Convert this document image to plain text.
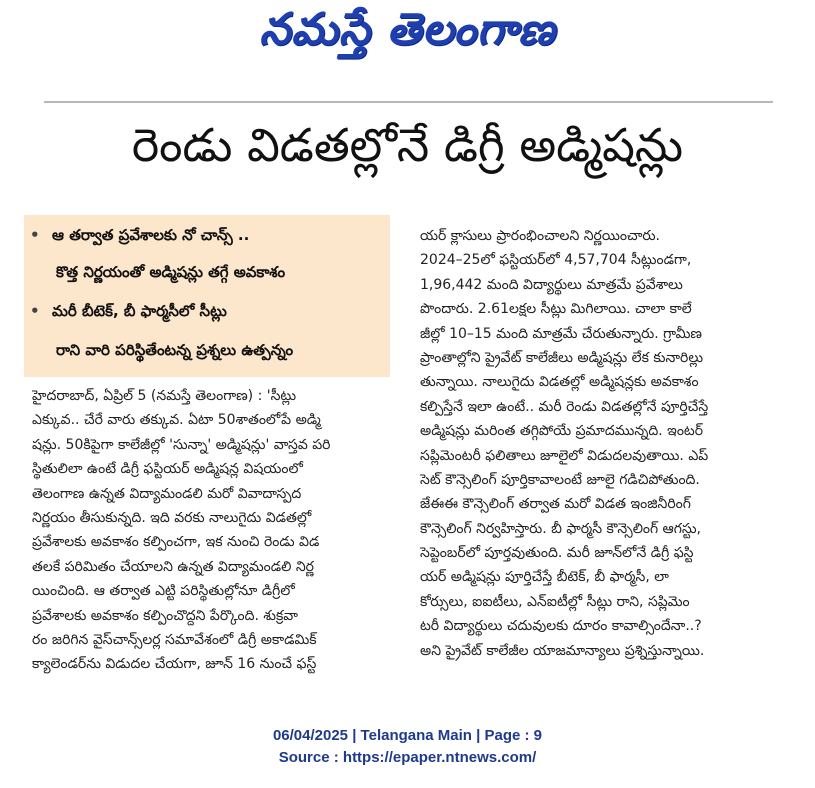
నమస్తే తెలంగాణ
రెండు విడతల్లోనే డిగ్రీ అడ్మిషన్లు
• ఆ తర్వాత ప్రవేశాలకు నో చాన్స్ ..
కొత్త నిర్ణయంతో అడ్మిషన్లు తగ్గే అవకాశం
• మరీ బీటెక్, బీ ఫార్మసీలో సీట్లు
రాని వారి పరిస్థితేంటన్న ప్రశ్నలు ఉత్పన్నం
హైదరాబాద్, ఏప్రిల్ 5 (నమస్తే తెలంగాణ) : 'సీట్లు
ఎక్కువ.. చేరే వారు తక్కువ. ఏటా 50శాతంలోపే అడ్మి
షన్లు. 50కిపైగా కాలేజీల్లో 'సున్నా' అడ్మిషన్లు' వాస్తవ పరి
స్థితులిలా ఉంటే డిగ్రీ ఫస్టియర్ అడ్మిషన్ల విషయంలో
తెలంగాణ ఉన్నత విద్యామండలి మరో వివాదాస్పద
నిర్ణయం తీసుకున్నది. ఇది వరకు నాలుగైదు విడతల్లో
ప్రవేశాలకు అవకాశం కల్పించగా, ఇక నుంచి రెండు విడ
తలకే పరిమితం చేయాలని ఉన్నత విద్యామండలి నిర్ణ
యించింది. ఆ తర్వాత ఎట్టి పరిస్థితుల్లోనూ డిగ్రీలో
ప్రవేశాలకు అవకాశం కల్పించొద్దని పేర్కొంది. శుక్రవా
రం జరిగిన వైస్‌చాన్స్‌లర్ల సమావేశంలో డిగ్రీ అకాడమిక్
క్యాలెండర్‌ను విడుదల చేయగా, జూన్ 16 నుంచే ఫస్ట్
యర్ క్లాసులు ప్రారంభించాలని నిర్ణయించారు.
2024–25లో ఫస్టియర్‌లో 4,57,704 సీట్లుండగా,
1,96,442 మంది విద్యార్థులు మాత్రమే ప్రవేశాలు
పొందారు. 2.61లక్షల సీట్లు మిగిలాయి. చాలా కాలే
జీల్లో 10–15 మంది మాత్రమే చేరుతున్నారు. గ్రామీణ
ప్రాంతాల్లోని ప్రైవేట్ కాలేజీలు అడ్మిషన్లు లేక కునారిల్లు
తున్నాయి. నాలుగైదు విడతల్లో అడ్మిషన్లకు అవకాశం
కల్పిస్తేనే ఇలా ఉంటే.. మరీ రెండు విడతల్లోనే పూర్తిచేస్తే
అడ్మిషన్లు మరింత తగ్గిపోయే ప్రమాదమున్నది. ఇంటర్
సప్లిమెంటరీ ఫలితాలు జూలైలో విడుదలవుతాయి. ఎప్
సెట్ కౌన్సెలింగ్ పూర్తికావాలంటే జూలై గడిచిపోతుంది.
జేఈఈ కౌన్సెలింగ్ తర్వాత మరో విడత ఇంజినీరింగ్
కౌన్సెలింగ్ నిర్వహిస్తారు. బీ ఫార్మసీ కౌన్సెలింగ్ ఆగస్టు,
సెప్టెంబర్‌లో పూర్తవుతుంది. మరీ జూన్‌లోనే డిగ్రీ ఫస్టి
యర్ అడ్మిషన్లు పూర్తిచేస్తే బీటెక్, బీ ఫార్మసీ, లా
కోర్సులు, ఐఐటీలు, ఎన్ఐటీల్లో సీట్లు రాని, సప్లిమెం
టరీ విద్యార్థులు చదువులకు దూరం కావాల్సిందేనా..?
అని ప్రైవేట్ కాలేజీల యాజమాన్యాలు ప్రశ్నిస్తున్నాయి.
06/04/2025 | Telangana Main | Page : 9
Source : https://epaper.ntnews.com/
